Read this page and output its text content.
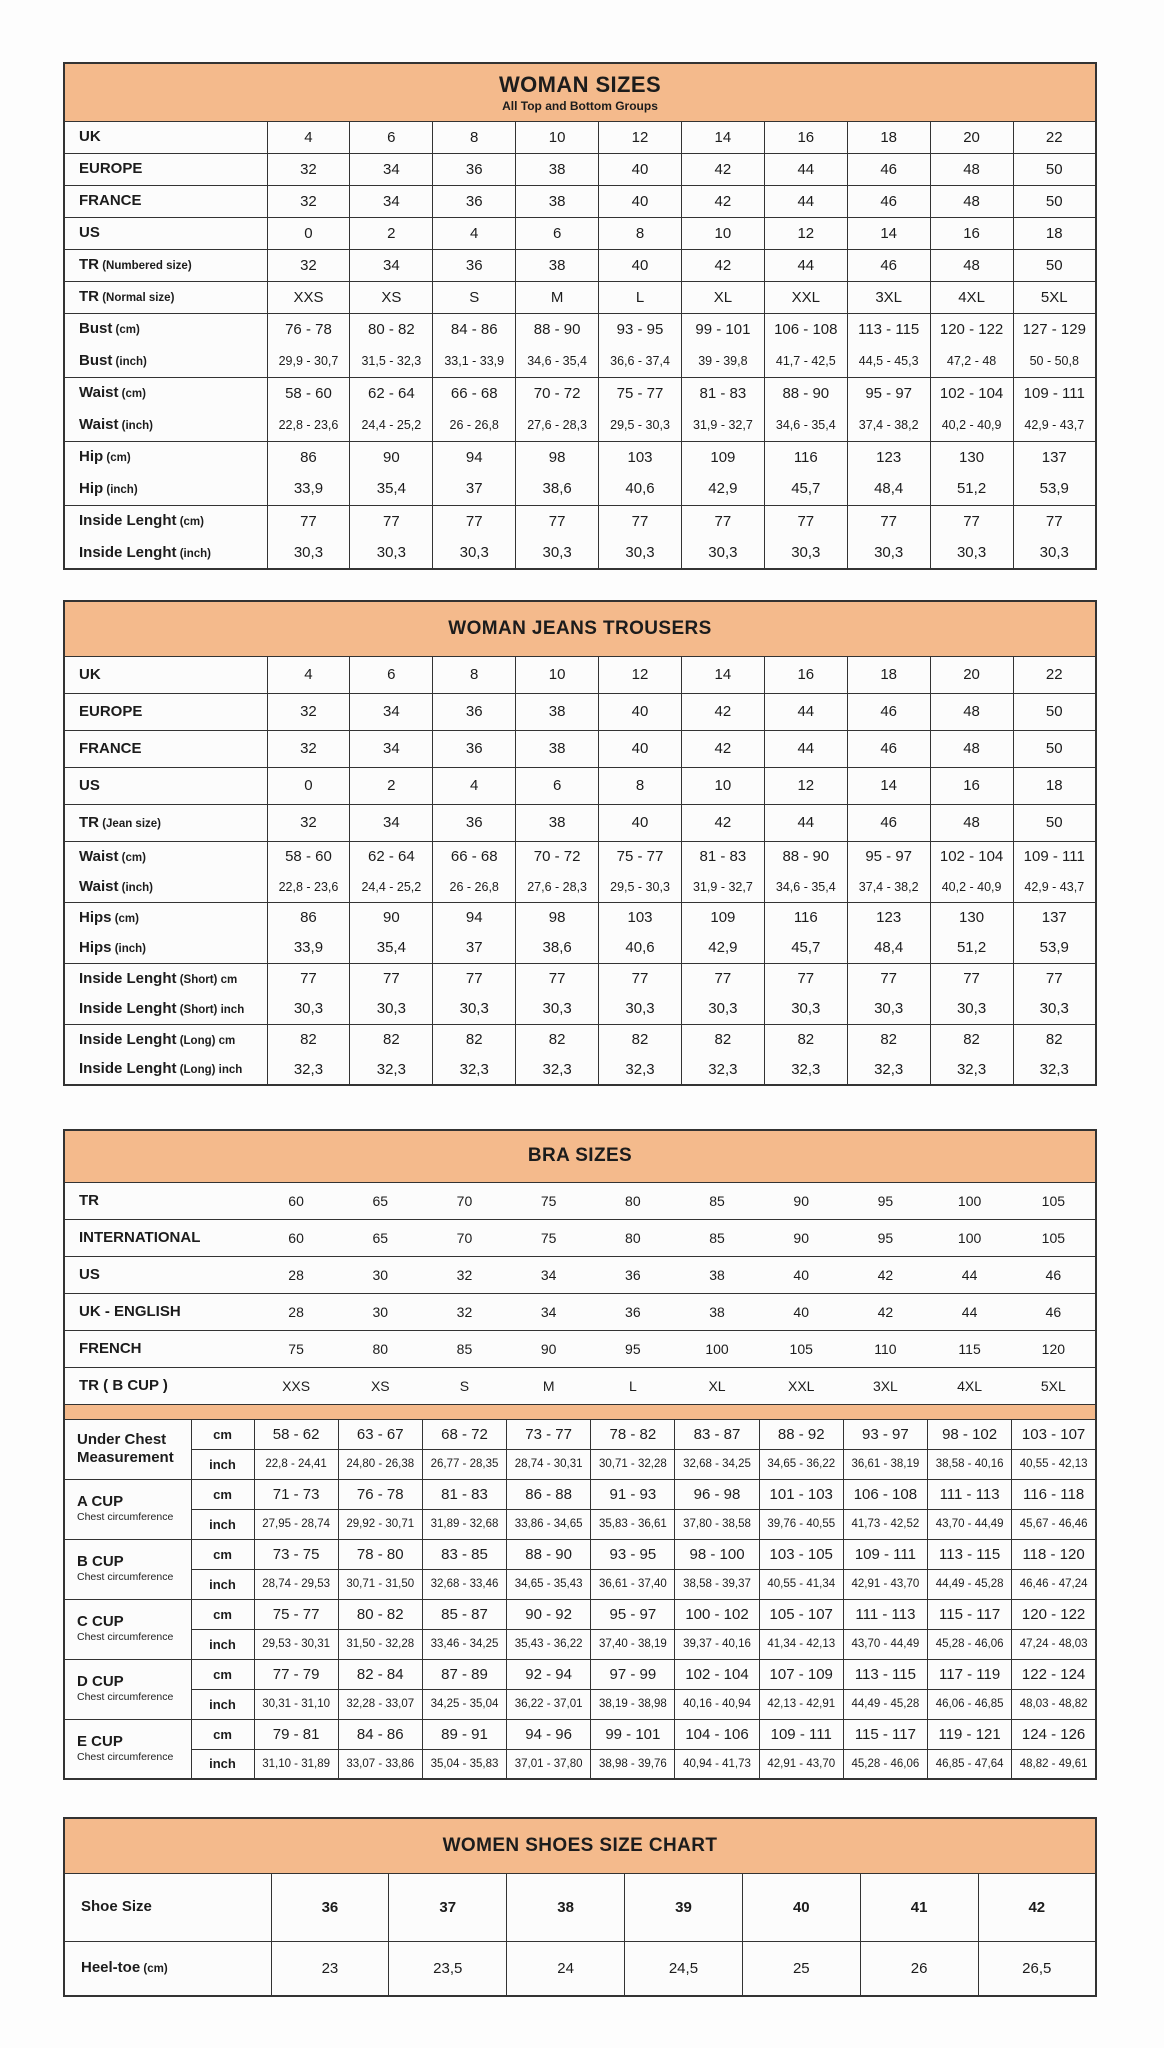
WOMAN SIZES
All Top and Bottom Groups										

UK	4	6	8	10	12	14	16	18	20	22
EUROPE	32	34	36	38	40	42	44	46	48	50
FRANCE	32	34	36	38	40	42	44	46	48	50
US	0	2	4	6	8	10	12	14	16	18
TR (Numbered size)	32	34	36	38	40	42	44	46	48	50
TR (Normal size)	XXS	XS	S	M	L	XL	XXL	3XL	4XL	5XL
Bust (cm)	76 - 78	80 - 82	84 - 86	88 - 90	93 - 95	99 - 101	106 - 108	113 - 115	120 - 122	127 - 129
Bust (inch)	29,9 - 30,7	31,5 - 32,3	33,1 - 33,9	34,6 - 35,4	36,6 - 37,4	39 - 39,8	41,7 - 42,5	44,5 - 45,3	47,2 - 48	50 - 50,8
Waist (cm)	58 - 60	62 - 64	66 - 68	70 - 72	75 - 77	81 - 83	88 - 90	95 - 97	102 - 104	109 - 111
Waist (inch)	22,8 - 23,6	24,4 - 25,2	26 - 26,8	27,6 - 28,3	29,5 - 30,3	31,9 - 32,7	34,6 - 35,4	37,4 - 38,2	40,2 - 40,9	42,9 - 43,7
Hip (cm)	86	90	94	98	103	109	116	123	130	137
Hip (inch)	33,9	35,4	37	38,6	40,6	42,9	45,7	48,4	51,2	53,9
Inside Lenght (cm)	77	77	77	77	77	77	77	77	77	77
Inside Lenght (inch)	30,3	30,3	30,3	30,3	30,3	30,3	30,3	30,3	30,3	30,3
WOMAN JEANS TROUSERS										

UK	4	6	8	10	12	14	16	18	20	22
EUROPE	32	34	36	38	40	42	44	46	48	50
FRANCE	32	34	36	38	40	42	44	46	48	50
US	0	2	4	6	8	10	12	14	16	18
TR (Jean size)	32	34	36	38	40	42	44	46	48	50
Waist (cm)	58 - 60	62 - 64	66 - 68	70 - 72	75 - 77	81 - 83	88 - 90	95 - 97	102 - 104	109 - 111
Waist (inch)	22,8 - 23,6	24,4 - 25,2	26 - 26,8	27,6 - 28,3	29,5 - 30,3	31,9 - 32,7	34,6 - 35,4	37,4 - 38,2	40,2 - 40,9	42,9 - 43,7
Hips (cm)	86	90	94	98	103	109	116	123	130	137
Hips (inch)	33,9	35,4	37	38,6	40,6	42,9	45,7	48,4	51,2	53,9
Inside Lenght (Short) cm	77	77	77	77	77	77	77	77	77	77
Inside Lenght (Short) inch	30,3	30,3	30,3	30,3	30,3	30,3	30,3	30,3	30,3	30,3
Inside Lenght (Long) cm	82	82	82	82	82	82	82	82	82	82
Inside Lenght (Long) inch	32,3	32,3	32,3	32,3	32,3	32,3	32,3	32,3	32,3	32,3
BRA SIZES											

TR		60	65	70	75	80	85	90	95	100	105
INTERNATIONAL		60	65	70	75	80	85	90	95	100	105
US		28	30	32	34	36	38	40	42	44	46
UK - ENGLISH		28	30	32	34	36	38	40	42	44	46
FRENCH		75	80	85	90	95	100	105	110	115	120
TR ( B CUP )		XXS	XS	S	M	L	XL	XXL	3XL	4XL	5XL

Under Chest Measurement	cm	58 - 62	63 - 67	68 - 72	73 - 77	78 - 82	83 - 87	88 - 92	93 - 97	98 - 102	103 - 107
	inch	22,8 - 24,41	24,80 - 26,38	26,77 - 28,35	28,74 - 30,31	30,71 - 32,28	32,68 - 34,25	34,65 - 36,22	36,61 - 38,19	38,58 - 40,16	40,55 - 42,13

A CUP
Chest circumference	cm	71 - 73	76 - 78	81 - 83	86 - 88	91 - 93	96 - 98	101 - 103	106 - 108	111 - 113	116 - 118
	inch	27,95 - 28,74	29,92 - 30,71	31,89 - 32,68	33,86 - 34,65	35,83 - 36,61	37,80 - 38,58	39,76 - 40,55	41,73 - 42,52	43,70 - 44,49	45,67 - 46,46

B CUP
Chest circumference	cm	73 - 75	78 - 80	83 - 85	88 - 90	93 - 95	98 - 100	103 - 105	109 - 111	113 - 115	118 - 120
	inch	28,74 - 29,53	30,71 - 31,50	32,68 - 33,46	34,65 - 35,43	36,61 - 37,40	38,58 - 39,37	40,55 - 41,34	42,91 - 43,70	44,49 - 45,28	46,46 - 47,24

C CUP
Chest circumference	cm	75 - 77	80 - 82	85 - 87	90 - 92	95 - 97	100 - 102	105 - 107	111 - 113	115 - 117	120 - 122
	inch	29,53 - 30,31	31,50 - 32,28	33,46 - 34,25	35,43 - 36,22	37,40 - 38,19	39,37 - 40,16	41,34 - 42,13	43,70 - 44,49	45,28 - 46,06	47,24 - 48,03

D CUP
Chest circumference	cm	77 - 79	82 - 84	87 - 89	92 - 94	97 - 99	102 - 104	107 - 109	113 - 115	117 - 119	122 - 124
	inch	30,31 - 31,10	32,28 - 33,07	34,25 - 35,04	36,22 - 37,01	38,19 - 38,98	40,16 - 40,94	42,13 - 42,91	44,49 - 45,28	46,06 - 46,85	48,03 - 48,82

E CUP
Chest circumference	cm	79 - 81	84 - 86	89 - 91	94 - 96	99 - 101	104 - 106	109 - 111	115 - 117	119 - 121	124 - 126
	inch	31,10 - 31,89	33,07 - 33,86	35,04 - 35,83	37,01 - 37,80	38,98 - 39,76	40,94 - 41,73	42,91 - 43,70	45,28 - 46,06	46,85 - 47,64	48,82 - 49,61
WOMEN SHOES SIZE CHART							

Shoe Size	36	37	38	39	40	41	42
Heel-toe (cm)	23	23,5	24	24,5	25	26	26,5
